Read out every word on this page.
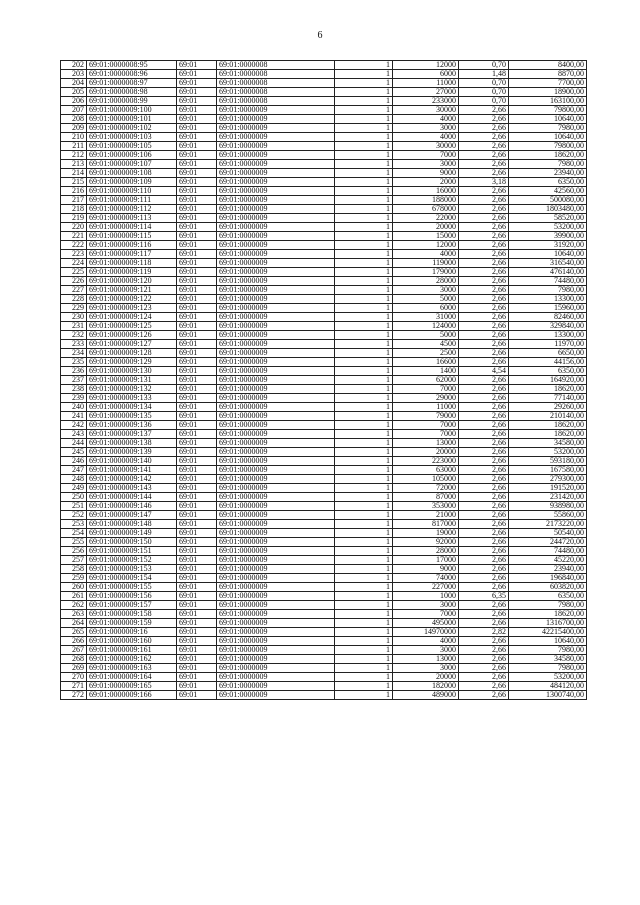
6
202	69:01:0000008:95	69:01	69:01:0000008	1	12000	0,70	8400,00
203	69:01:0000008:96	69:01	69:01:0000008	1	6000	1,48	8870,00
204	69:01:0000008:97	69:01	69:01:0000008	1	11000	0,70	7700,00
205	69:01:0000008:98	69:01	69:01:0000008	1	27000	0,70	18900,00
206	69:01:0000008:99	69:01	69:01:0000008	1	233000	0,70	163100,00
207	69:01:0000009:100	69:01	69:01:0000009	1	30000	2,66	79800,00
208	69:01:0000009:101	69:01	69:01:0000009	1	4000	2,66	10640,00
209	69:01:0000009:102	69:01	69:01:0000009	1	3000	2,66	7980,00
210	69:01:0000009:103	69:01	69:01:0000009	1	4000	2,66	10640,00
211	69:01:0000009:105	69:01	69:01:0000009	1	30000	2,66	79800,00
212	69:01:0000009:106	69:01	69:01:0000009	1	7000	2,66	18620,00
213	69:01:0000009:107	69:01	69:01:0000009	1	3000	2,66	7980,00
214	69:01:0000009:108	69:01	69:01:0000009	1	9000	2,66	23940,00
215	69:01:0000009:109	69:01	69:01:0000009	1	2000	3,18	6350,00
216	69:01:0000009:110	69:01	69:01:0000009	1	16000	2,66	42560,00
217	69:01:0000009:111	69:01	69:01:0000009	1	188000	2,66	500080,00
218	69:01:0000009:112	69:01	69:01:0000009	1	678000	2,66	1803480,00
219	69:01:0000009:113	69:01	69:01:0000009	1	22000	2,66	58520,00
220	69:01:0000009:114	69:01	69:01:0000009	1	20000	2,66	53200,00
221	69:01:0000009:115	69:01	69:01:0000009	1	15000	2,66	39900,00
222	69:01:0000009:116	69:01	69:01:0000009	1	12000	2,66	31920,00
223	69:01:0000009:117	69:01	69:01:0000009	1	4000	2,66	10640,00
224	69:01:0000009:118	69:01	69:01:0000009	1	119000	2,66	316540,00
225	69:01:0000009:119	69:01	69:01:0000009	1	179000	2,66	476140,00
226	69:01:0000009:120	69:01	69:01:0000009	1	28000	2,66	74480,00
227	69:01:0000009:121	69:01	69:01:0000009	1	3000	2,66	7980,00
228	69:01:0000009:122	69:01	69:01:0000009	1	5000	2,66	13300,00
229	69:01:0000009:123	69:01	69:01:0000009	1	6000	2,66	15960,00
230	69:01:0000009:124	69:01	69:01:0000009	1	31000	2,66	82460,00
231	69:01:0000009:125	69:01	69:01:0000009	1	124000	2,66	329840,00
232	69:01:0000009:126	69:01	69:01:0000009	1	5000	2,66	13300,00
233	69:01:0000009:127	69:01	69:01:0000009	1	4500	2,66	11970,00
234	69:01:0000009:128	69:01	69:01:0000009	1	2500	2,66	6650,00
235	69:01:0000009:129	69:01	69:01:0000009	1	16600	2,66	44156,00
236	69:01:0000009:130	69:01	69:01:0000009	1	1400	4,54	6350,00
237	69:01:0000009:131	69:01	69:01:0000009	1	62000	2,66	164920,00
238	69:01:0000009:132	69:01	69:01:0000009	1	7000	2,66	18620,00
239	69:01:0000009:133	69:01	69:01:0000009	1	29000	2,66	77140,00
240	69:01:0000009:134	69:01	69:01:0000009	1	11000	2,66	29260,00
241	69:01:0000009:135	69:01	69:01:0000009	1	79000	2,66	210140,00
242	69:01:0000009:136	69:01	69:01:0000009	1	7000	2,66	18620,00
243	69:01:0000009:137	69:01	69:01:0000009	1	7000	2,66	18620,00
244	69:01:0000009:138	69:01	69:01:0000009	1	13000	2,66	34580,00
245	69:01:0000009:139	69:01	69:01:0000009	1	20000	2,66	53200,00
246	69:01:0000009:140	69:01	69:01:0000009	1	223000	2,66	593180,00
247	69:01:0000009:141	69:01	69:01:0000009	1	63000	2,66	167580,00
248	69:01:0000009:142	69:01	69:01:0000009	1	105000	2,66	279300,00
249	69:01:0000009:143	69:01	69:01:0000009	1	72000	2,66	191520,00
250	69:01:0000009:144	69:01	69:01:0000009	1	87000	2,66	231420,00
251	69:01:0000009:146	69:01	69:01:0000009	1	353000	2,66	938980,00
252	69:01:0000009:147	69:01	69:01:0000009	1	21000	2,66	55860,00
253	69:01:0000009:148	69:01	69:01:0000009	1	817000	2,66	2173220,00
254	69:01:0000009:149	69:01	69:01:0000009	1	19000	2,66	50540,00
255	69:01:0000009:150	69:01	69:01:0000009	1	92000	2,66	244720,00
256	69:01:0000009:151	69:01	69:01:0000009	1	28000	2,66	74480,00
257	69:01:0000009:152	69:01	69:01:0000009	1	17000	2,66	45220,00
258	69:01:0000009:153	69:01	69:01:0000009	1	9000	2,66	23940,00
259	69:01:0000009:154	69:01	69:01:0000009	1	74000	2,66	196840,00
260	69:01:0000009:155	69:01	69:01:0000009	1	227000	2,66	603820,00
261	69:01:0000009:156	69:01	69:01:0000009	1	1000	6,35	6350,00
262	69:01:0000009:157	69:01	69:01:0000009	1	3000	2,66	7980,00
263	69:01:0000009:158	69:01	69:01:0000009	1	7000	2,66	18620,00
264	69:01:0000009:159	69:01	69:01:0000009	1	495000	2,66	1316700,00
265	69:01:0000009:16	69:01	69:01:0000009	1	14970000	2,82	42215400,00
266	69:01:0000009:160	69:01	69:01:0000009	1	4000	2,66	10640,00
267	69:01:0000009:161	69:01	69:01:0000009	1	3000	2,66	7980,00
268	69:01:0000009:162	69:01	69:01:0000009	1	13000	2,66	34580,00
269	69:01:0000009:163	69:01	69:01:0000009	1	3000	2,66	7980,00
270	69:01:0000009:164	69:01	69:01:0000009	1	20000	2,66	53200,00
271	69:01:0000009:165	69:01	69:01:0000009	1	182000	2,66	484120,00
272	69:01:0000009:166	69:01	69:01:0000009	1	489000	2,66	1300740,00
